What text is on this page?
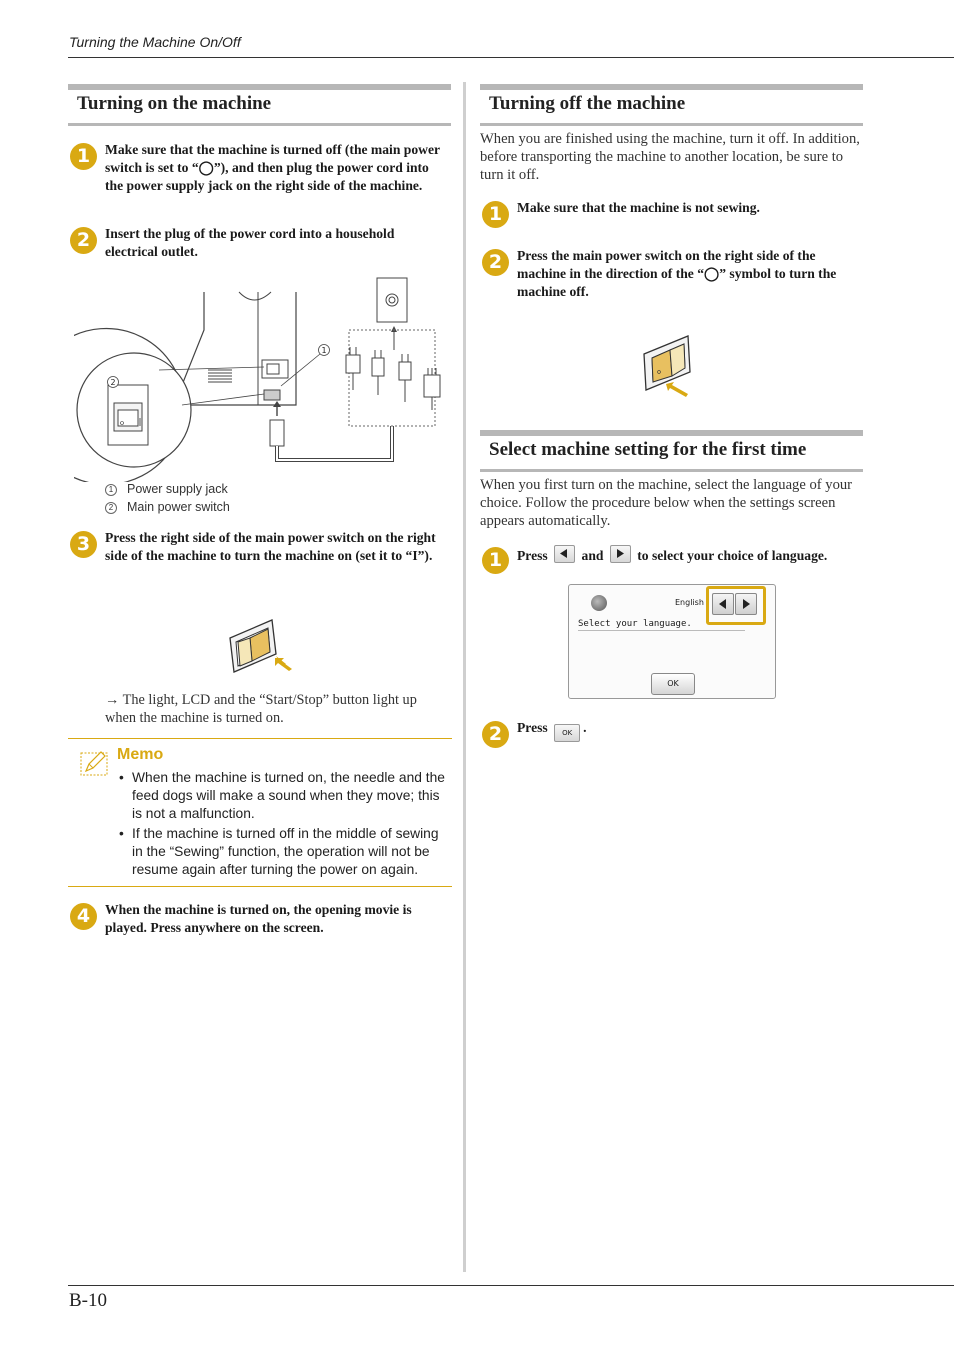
Turning the Machine On/Off
B-10
Turning on the machine
1	Make sure that the machine is turned off (the main power switch is set to “◯”), and then plug the power cord into the power supply jack on the right side of the machine.
2	Insert the plug of the power cord into a household electrical outlet.
1
2
1 Power supply jack
2 Main power switch
3	Press the right side of the main power switch on the right side of the machine to turn the machine on (set it to “I”).
→ The light, LCD and the “Start/Stop” button light up when the machine is turned on.
Memo
• When the machine is turned on, the needle and the feed dogs will make a sound when they move; this is not a malfunction.
• If the machine is turned off in the middle of sewing in the “Sewing” function, the operation will not be resume again after turning the power on again.
4	When the machine is turned on, the opening movie is played. Press anywhere on the screen.
Turning off the machine
When you are finished using the machine, turn it off. In addition, before transporting the machine to another location, be sure to turn it off.
1	Make sure that the machine is not sewing.
2	Press the main power switch on the right side of the machine in the direction of the “◯” symbol to turn the machine off.
Select machine setting for the first time
When you first turn on the machine, select the language of your choice. Follow the procedure below when the settings screen appears automatically.
1	Press and to select your choice of language.
English
Select your language.
OK
2	Press OK .
